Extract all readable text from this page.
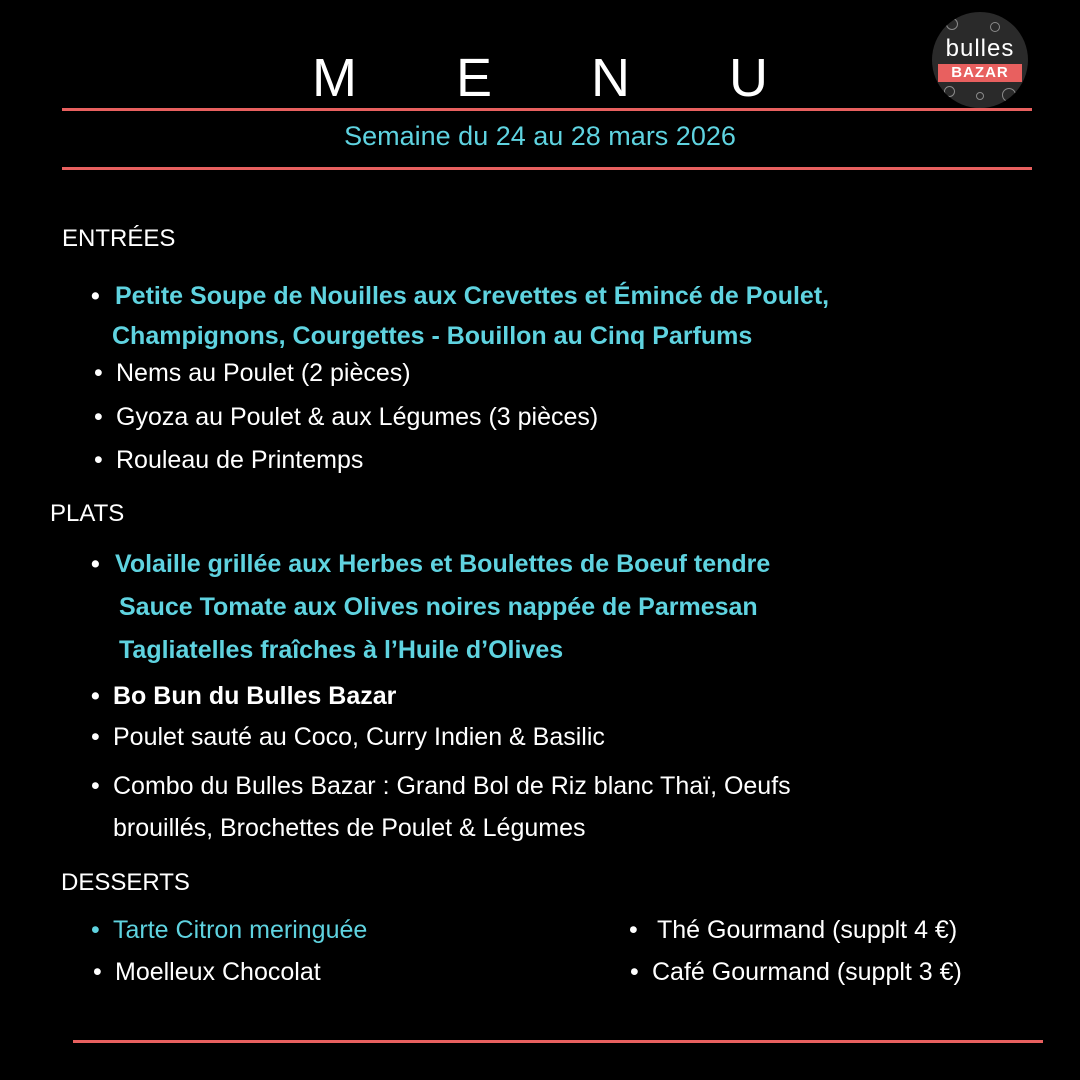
M E N U
Semaine du 24 au 28 mars 2026
bulles
BAZAR
ENTRÉES
• Petite Soupe de Nouilles aux Crevettes et Émincé de Poulet,
Champignons, Courgettes - Bouillon au Cinq Parfums
• Nems au Poulet (2 pièces)
• Gyoza au Poulet & aux Légumes (3 pièces)
• Rouleau de Printemps
PLATS
• Volaille grillée aux Herbes et Boulettes de Boeuf tendre
Sauce Tomate aux Olives noires nappée de Parmesan
Tagliatelles fraîches à l’Huile d’Olives
• Bo Bun du Bulles Bazar
• Poulet sauté au Coco, Curry Indien & Basilic
• Combo du Bulles Bazar : Grand Bol de Riz blanc Thaï, Oeufs
brouillés, Brochettes de Poulet & Légumes
DESSERTS
• Tarte Citron meringuée
• Moelleux Chocolat
• Thé Gourmand (supplt 4 €)
• Café Gourmand (supplt 3 €)
